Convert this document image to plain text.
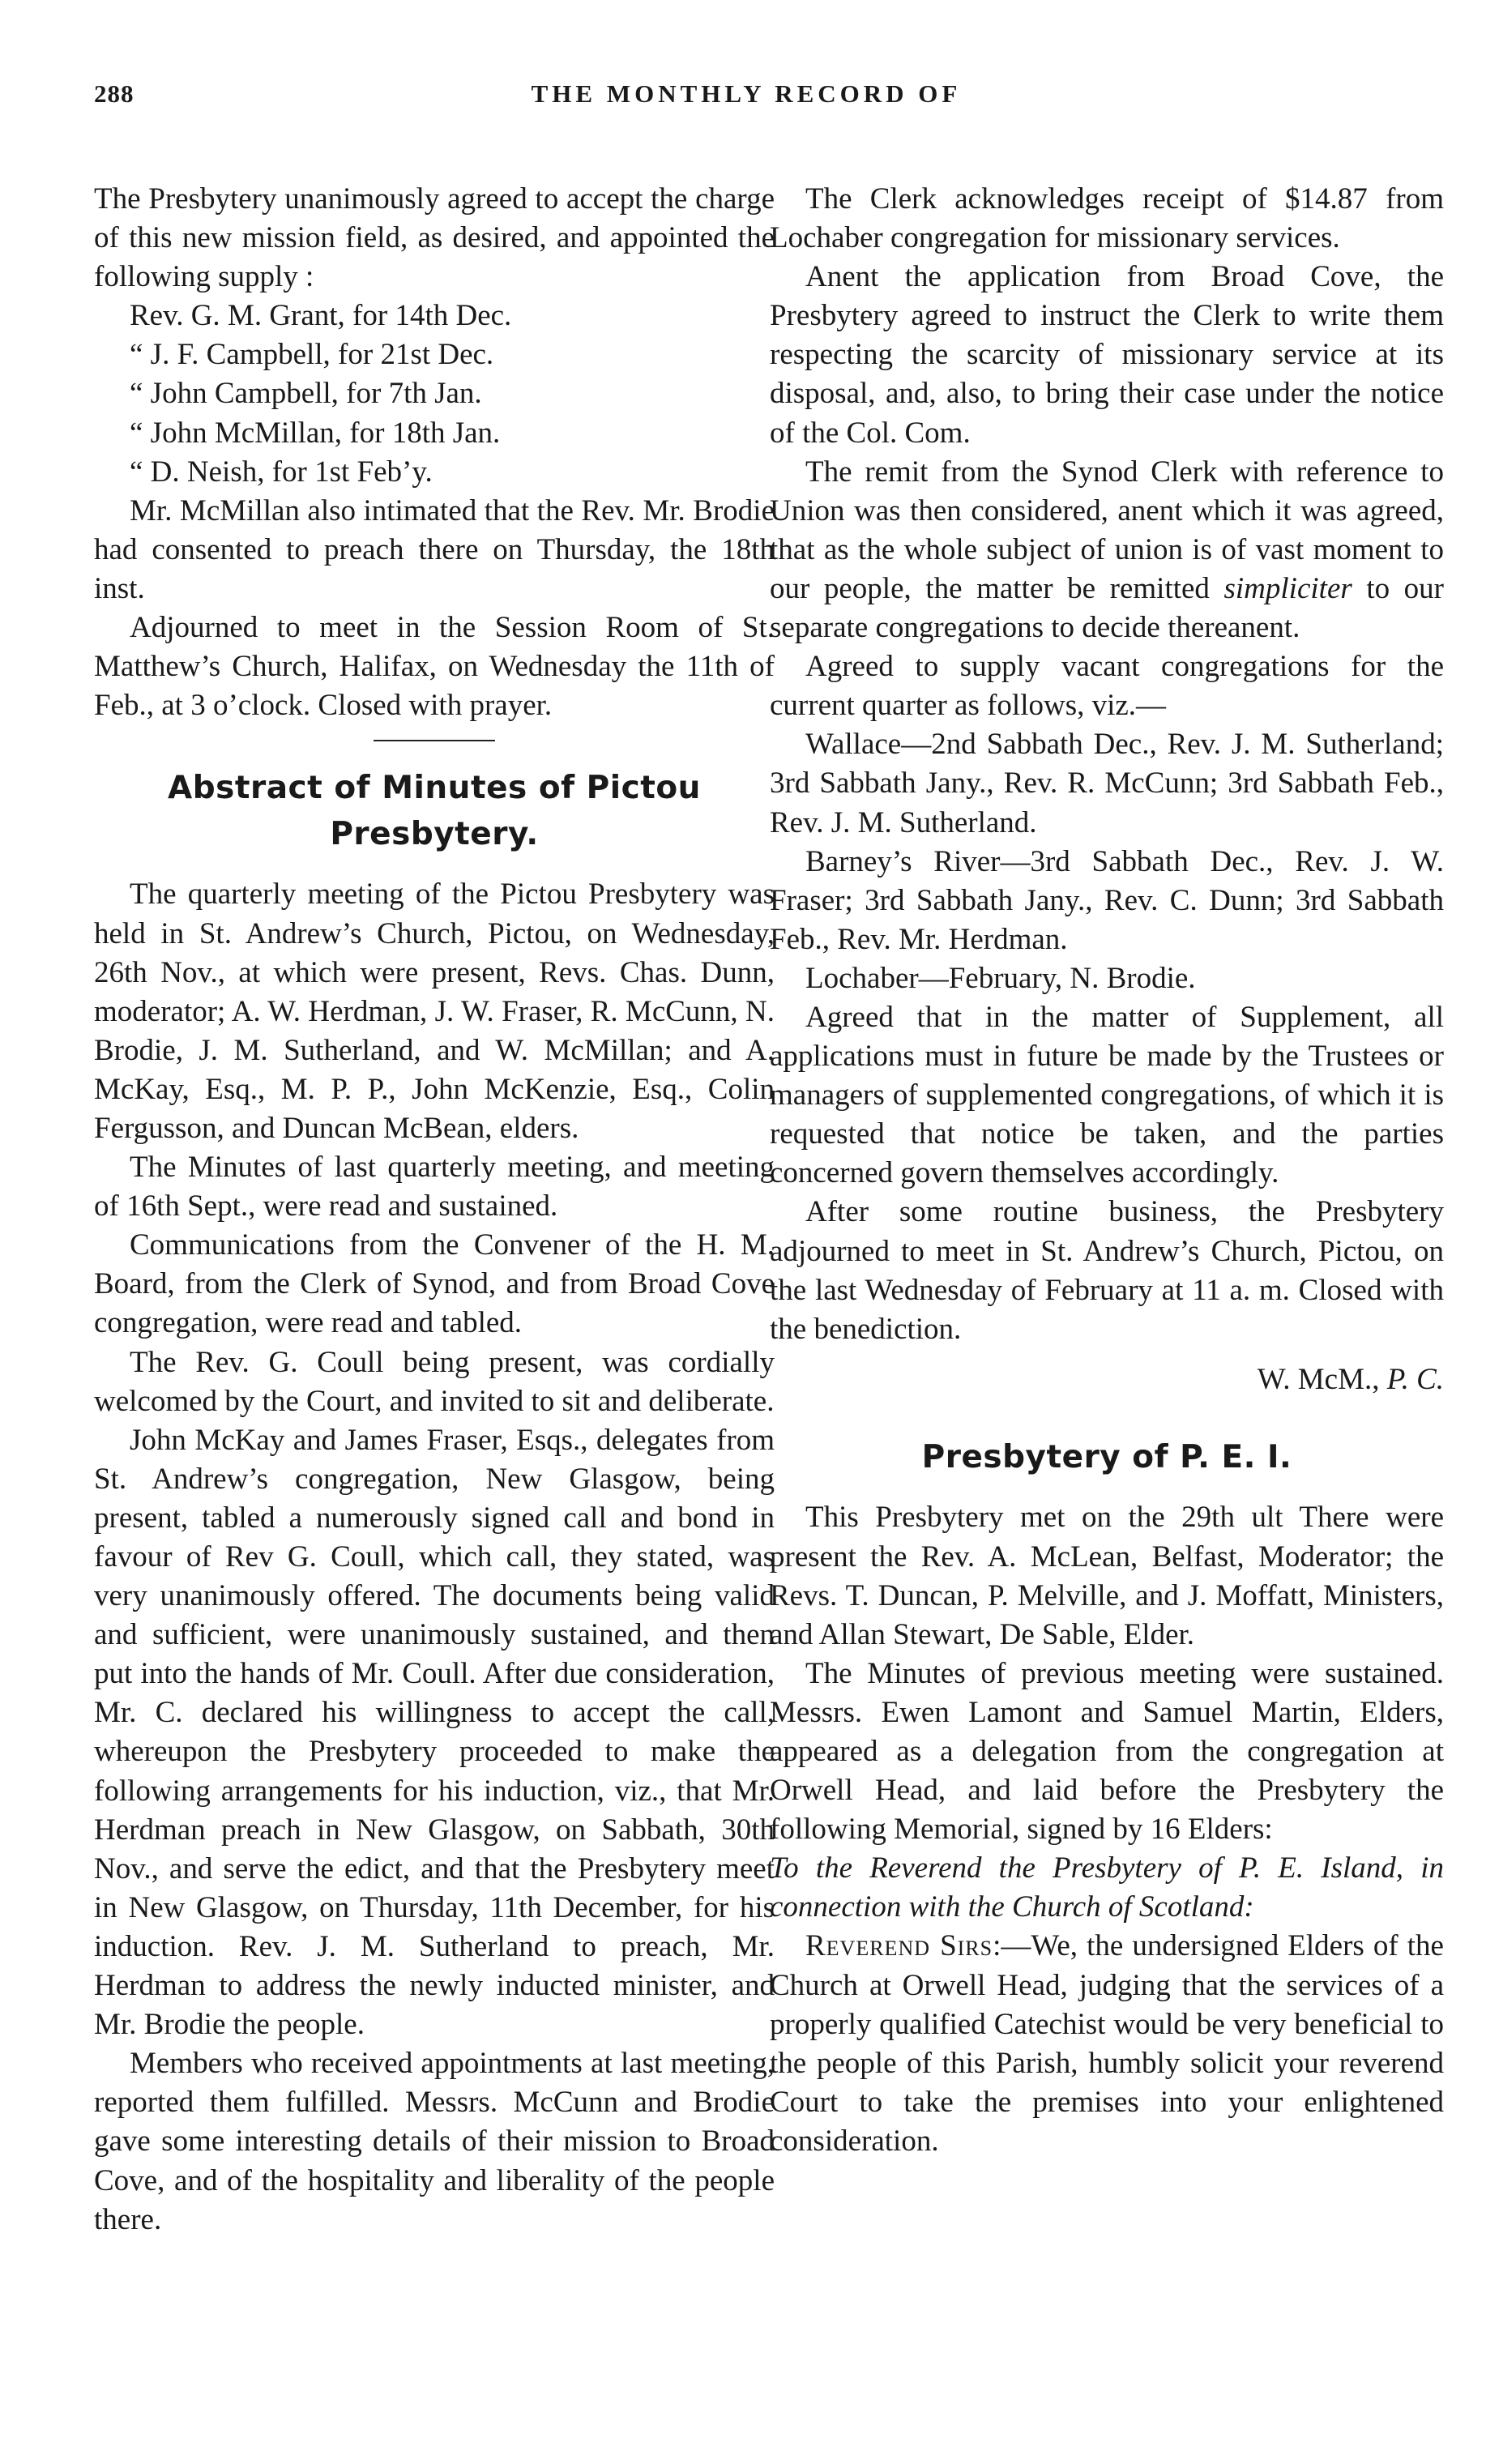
288	THE MONTHLY RECORD OF

The Presbytery unanimously agreed to accept the charge of this new mission field, as desired, and appointed the following supply :

Rev. G. M. Grant, for 14th Dec.
“ J. F. Campbell, for 21st Dec.
“ John Campbell, for 7th Jan.
“ John McMillan, for 18th Jan.
“ D. Neish, for 1st Feb’y.

Mr. McMillan also intimated that the Rev. Mr. Brodie had consented to preach there on Thursday, the 18th inst.

Adjourned to meet in the Session Room of St. Matthew’s Church, Halifax, on Wednesday the 11th of Feb., at 3 o’clock. Closed with prayer.

Abstract of Minutes of Pictou Presbytery.

The quarterly meeting of the Pictou Presbytery was held in St. Andrew’s Church, Pictou, on Wednesday, 26th Nov., at which were present, Revs. Chas. Dunn, moderator; A. W. Herdman, J. W. Fraser, R. McCunn, N. Brodie, J. M. Sutherland, and W. McMillan; and A. McKay, Esq., M. P. P., John McKenzie, Esq., Colin Fergusson, and Duncan McBean, elders.

The Minutes of last quarterly meeting, and meeting of 16th Sept., were read and sustained.

Communications from the Convener of the H. M. Board, from the Clerk of Synod, and from Broad Cove congregation, were read and tabled.

The Rev. G. Coull being present, was cordially welcomed by the Court, and invited to sit and deliberate.

John McKay and James Fraser, Esqs., delegates from St. Andrew’s congregation, New Glasgow, being present, tabled a numerously signed call and bond in favour of Rev G. Coull, which call, they stated, was very unanimously offered. The documents being valid and sufficient, were unanimously sustained, and then put into the hands of Mr. Coull. After due consideration, Mr. C. declared his willingness to accept the call, whereupon the Presbytery proceeded to make the following arrangements for his induction, viz., that Mr. Herdman preach in New Glasgow, on Sabbath, 30th Nov., and serve the edict, and that the Presbytery meet in New Glasgow, on Thursday, 11th December, for his induction. Rev. J. M. Sutherland to preach, Mr. Herdman to address the newly inducted minister, and Mr. Brodie the people.

Members who received appointments at last meeting, reported them fulfilled. Messrs. McCunn and Brodie gave some interesting details of their mission to Broad Cove, and of the hospitality and liberality of the people there.

The Clerk acknowledges receipt of $14.87 from Lochaber congregation for missionary services.

Anent the application from Broad Cove, the Presbytery agreed to instruct the Clerk to write them respecting the scarcity of missionary service at its disposal, and, also, to bring their case under the notice of the Col. Com.

The remit from the Synod Clerk with reference to Union was then considered, anent which it was agreed, that as the whole subject of union is of vast moment to our people, the matter be remitted simpliciter to our separate congregations to decide thereanent.

Agreed to supply vacant congregations for the current quarter as follows, viz.—

Wallace—2nd Sabbath Dec., Rev. J. M. Sutherland; 3rd Sabbath Jany., Rev. R. McCunn; 3rd Sabbath Feb., Rev. J. M. Sutherland.

Barney’s River—3rd Sabbath Dec., Rev. J. W. Fraser; 3rd Sabbath Jany., Rev. C. Dunn; 3rd Sabbath Feb., Rev. Mr. Herdman.

Lochaber—February, N. Brodie.

Agreed that in the matter of Supplement, all applications must in future be made by the Trustees or managers of supplemented congregations, of which it is requested that notice be taken, and the parties concerned govern themselves accordingly.

After some routine business, the Presbytery adjourned to meet in St. Andrew’s Church, Pictou, on the last Wednesday of February at 11 a. m. Closed with the benediction.

W. McM., P. C.
Presbytery of P. E. I.

This Presbytery met on the 29th ult There were present the Rev. A. McLean, Belfast, Moderator; the Revs. T. Duncan, P. Melville, and J. Moffatt, Ministers, and Allan Stewart, De Sable, Elder.

The Minutes of previous meeting were sustained. Messrs. Ewen Lamont and Samuel Martin, Elders, appeared as a delegation from the congregation at Orwell Head, and laid before the Presbytery the following Memorial, signed by 16 Elders:

To the Reverend the Presbytery of P. E. Island, in connection with the Church of Scotland:

Reverend Sirs:—We, the undersigned Elders of the Church at Orwell Head, judging that the services of a properly qualified Catechist would be very beneficial to the people of this Parish, humbly solicit your reverend Court to take the premises into your enlightened consideration.
